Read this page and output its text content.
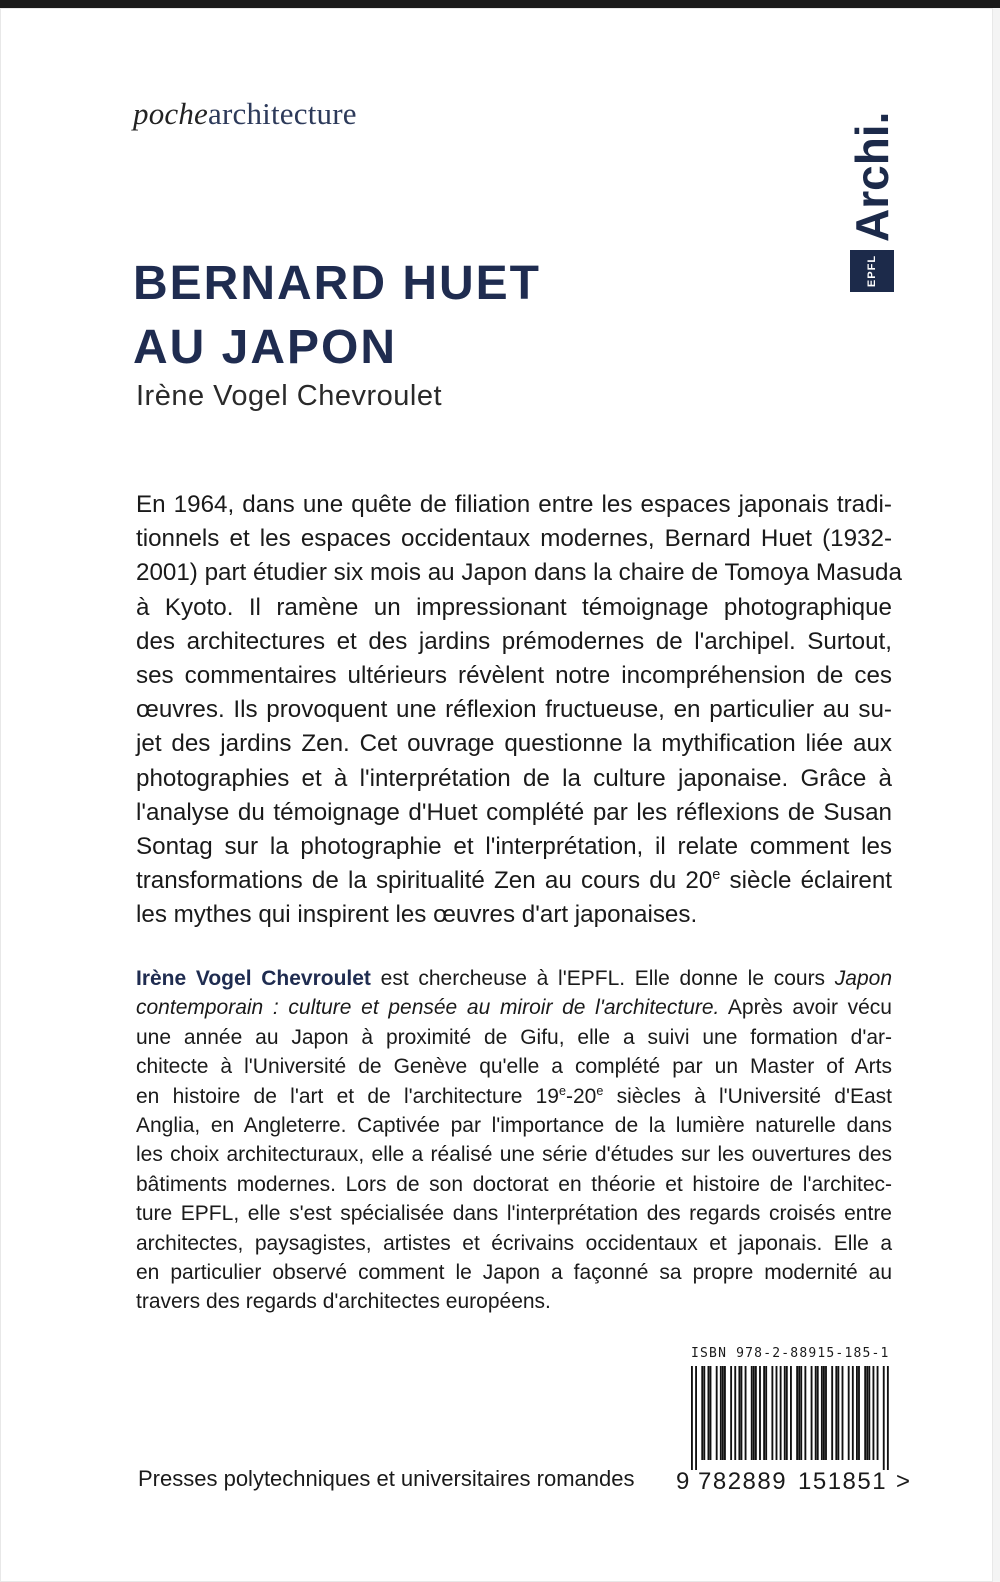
pochearchitecture	Archi.
EPFL
BERNARD HUET
AU JAPON
Irène Vogel Chevroulet
En 1964, dans une quête de filiation entre les espaces japonais tradi-
tionnels et les espaces occidentaux modernes, Bernard Huet (1932-
2001) part étudier six mois au Japon dans la chaire de Tomoya Masuda
à Kyoto. Il ramène un impressionant témoignage photographique
des architectures et des jardins prémodernes de l'archipel. Surtout,
ses commentaires ultérieurs révèlent notre incompréhension de ces
œuvres. Ils provoquent une réflexion fructueuse, en particulier au su-
jet des jardins Zen. Cet ouvrage questionne la mythification liée aux
photographies et à l'interprétation de la culture japonaise. Grâce à
l'analyse du témoignage d'Huet complété par les réflexions de Susan
Sontag sur la photographie et l'interprétation, il relate comment les
transformations de la spiritualité Zen au cours du 20e siècle éclairent
les mythes qui inspirent les œuvres d'art japonaises.
Irène Vogel Chevroulet est chercheuse à l'EPFL. Elle donne le cours Japon
contemporain : culture et pensée au miroir de l'architecture. Après avoir vécu
une année au Japon à proximité de Gifu, elle a suivi une formation d'ar-
chitecte à l'Université de Genève qu'elle a complété par un Master of Arts
en histoire de l'art et de l'architecture 19e-20e siècles à l'Université d'East
Anglia, en Angleterre. Captivée par l'importance de la lumière naturelle dans
les choix architecturaux, elle a réalisé une série d'études sur les ouvertures des
bâtiments modernes. Lors de son doctorat en théorie et histoire de l'architec-
ture EPFL, elle s'est spécialisée dans l'interprétation des regards croisés entre
architectes, paysagistes, artistes et écrivains occidentaux et japonais. Elle a
en particulier observé comment le Japon a façonné sa propre modernité au
travers des regards d'architectes européens.
ISBN 978-2-88915-185-1
9 782889 151851 >
Presses polytechniques et universitaires romandes
